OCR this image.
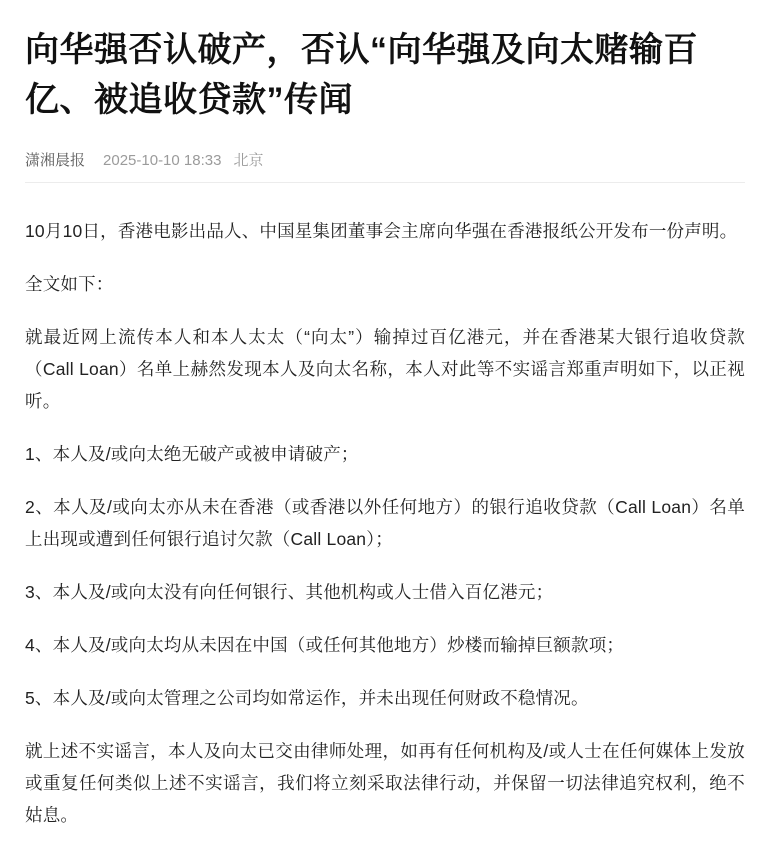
向华强否认破产，否认“向华强及向太赌输百亿、被追收贷款”传闻
潇湘晨报 2025-10-10 18:33 北京

10月10日，香港电影出品人、中国星集团董事会主席向华强在香港报纸公开发布一份声明。

全文如下：

就最近网上流传本人和本人太太（“向太”）输掉过百亿港元，并在香港某大银行追收贷款（Call Loan）名单上赫然发现本人及向太名称，本人对此等不实谣言郑重声明如下，以正视听。

1、本人及/或向太绝无破产或被申请破产；

2、本人及/或向太亦从未在香港（或香港以外任何地方）的银行追收贷款（Call Loan）名单上出现或遭到任何银行追讨欠款（Call Loan）；

3、本人及/或向太没有向任何银行、其他机构或人士借入百亿港元；

4、本人及/或向太均从未因在中国（或任何其他地方）炒楼而输掉巨额款项；

5、本人及/或向太管理之公司均如常运作，并未出现任何财政不稳情况。

就上述不实谣言，本人及向太已交由律师处理，如再有任何机构及/或人士在任何媒体上发放或重复任何类似上述不实谣言，我们将立刻采取法律行动，并保留一切法律追究权利，绝不姑息。
